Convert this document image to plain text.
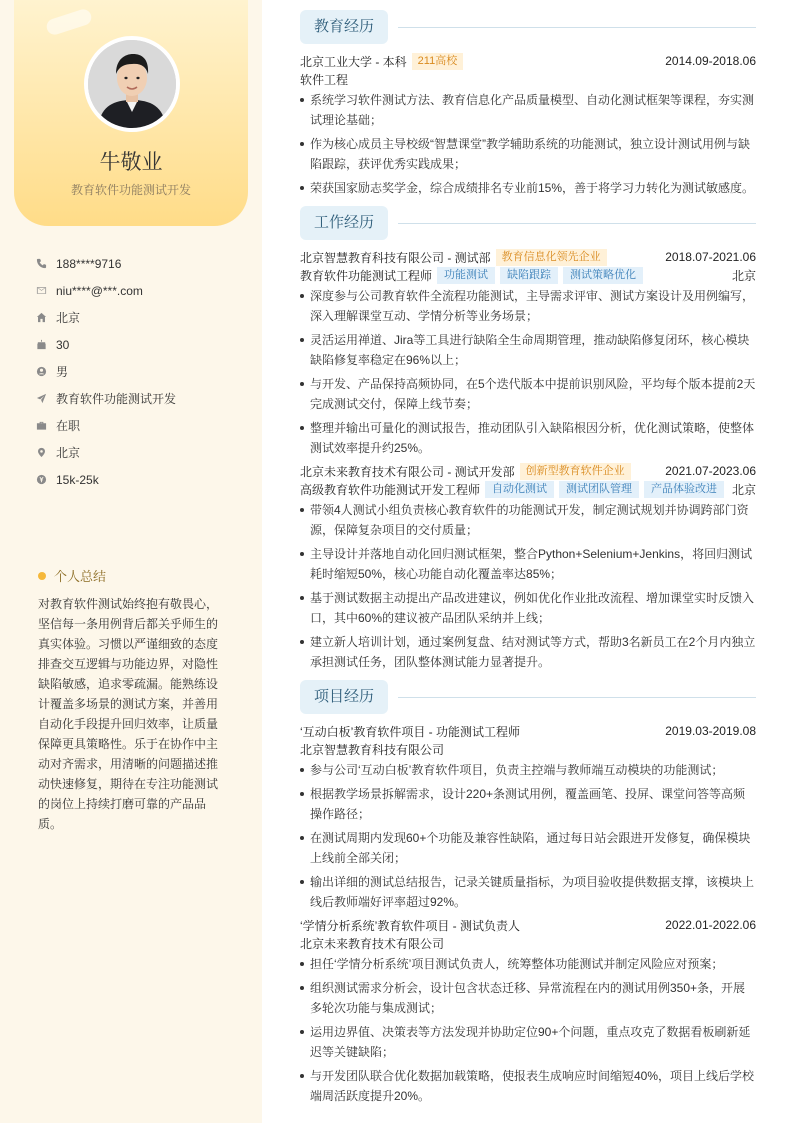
牛敬业
教育软件功能测试开发
188****9716
niu****@***.com
北京
30
男
教育软件功能测试开发
在职
北京
15k-25k
个人总结

对教育软件测试始终抱有敬畏心，坚信每一条用例背后都关乎师生的真实体验。习惯以严谨细致的态度排查交互逻辑与功能边界，对隐性缺陷敏感，追求零疏漏。能熟练设计覆盖多场景的测试方案，并善用自动化手段提升回归效率，让质量保障更具策略性。乐于在协作中主动对齐需求，用清晰的问题描述推动快速修复，期待在专注功能测试的岗位上持续打磨可靠的产品品质。

教育经历
北京工业大学 - 本科	211高校	2014.09-2018.06
软件工程
系统学习软件测试方法、教育信息化产品质量模型、自动化测试框架等课程，夯实测试理论基础；
作为核心成员主导校级“智慧课堂”教学辅助系统的功能测试，独立设计测试用例与缺陷跟踪，获评优秀实践成果；
荣获国家励志奖学金，综合成绩排名专业前15%，善于将学习力转化为测试敏感度。
工作经历
北京智慧教育科技有限公司 - 测试部	教育信息化领先企业	2018.07-2021.06
教育软件功能测试工程师	功能测试	缺陷跟踪	测试策略优化	北京
深度参与公司教育软件全流程功能测试，主导需求评审、测试方案设计及用例编写，深入理解课堂互动、学情分析等业务场景；
灵活运用禅道、Jira等工具进行缺陷全生命周期管理，推动缺陷修复闭环，核心模块缺陷修复率稳定在96%以上；
与开发、产品保持高频协同，在5个迭代版本中提前识别风险，平均每个版本提前2天完成测试交付，保障上线节奏；
整理并输出可量化的测试报告，推动团队引入缺陷根因分析，优化测试策略，使整体测试效率提升约25%。
北京未来教育技术有限公司 - 测试开发部	创新型教育软件企业	2021.07-2023.06
高级教育软件功能测试开发工程师	自动化测试	测试团队管理	产品体验改进	北京
带领4人测试小组负责核心教育软件的功能测试开发，制定测试规划并协调跨部门资源，保障复杂项目的交付质量；
主导设计并落地自动化回归测试框架，整合Python+Selenium+Jenkins，将回归测试耗时缩短50%，核心功能自动化覆盖率达85%；
基于测试数据主动提出产品改进建议，例如优化作业批改流程、增加课堂实时反馈入口，其中60%的建议被产品团队采纳并上线；
建立新人培训计划，通过案例复盘、结对测试等方式，帮助3名新员工在2个月内独立承担测试任务，团队整体测试能力显著提升。
项目经历
‘互动白板’教育软件项目 - 功能测试工程师	2019.03-2019.08
北京智慧教育科技有限公司
参与公司‘互动白板’教育软件项目，负责主控端与教师端互动模块的功能测试；
根据教学场景拆解需求，设计220+条测试用例，覆盖画笔、投屏、课堂问答等高频操作路径；
在测试周期内发现60+个功能及兼容性缺陷，通过每日站会跟进开发修复，确保模块上线前全部关闭；
输出详细的测试总结报告，记录关键质量指标，为项目验收提供数据支撑，该模块上线后教师端好评率超过92%。
‘学情分析系统’教育软件项目 - 测试负责人	2022.01-2022.06
北京未来教育技术有限公司
担任‘学情分析系统’项目测试负责人，统筹整体功能测试并制定风险应对预案；
组织测试需求分析会，设计包含状态迁移、异常流程在内的测试用例350+条，开展多轮次功能与集成测试；
运用边界值、决策表等方法发现并协助定位90+个问题，重点攻克了数据看板刷新延迟等关键缺陷；
与开发团队联合优化数据加载策略，使报表生成响应时间缩短40%，项目上线后学校端周活跃度提升20%。
